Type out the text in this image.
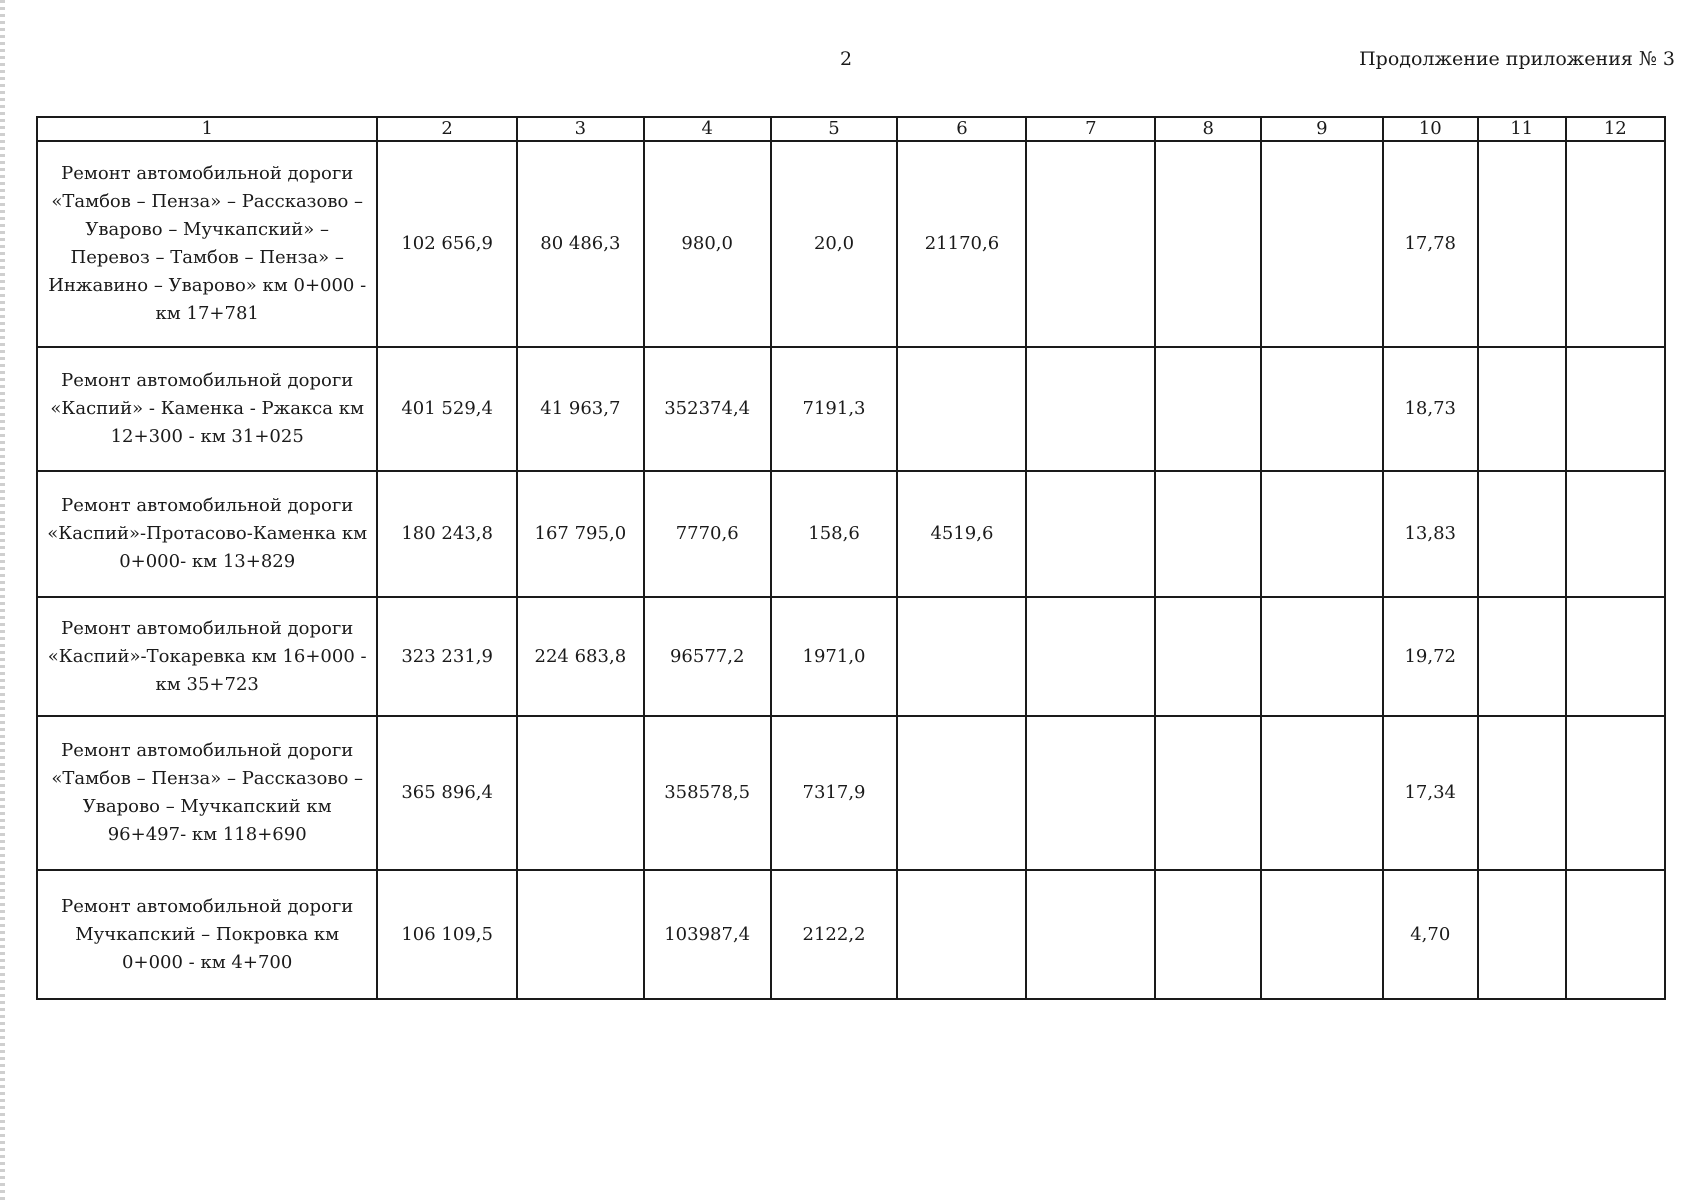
2	Продолжение приложения № 3
1	2	3	4	5	6	7	8	9	10	11	12
Ремонт автомобильной дороги «Тамбов – Пенза» – Рассказово – Уварово – Мучкапский» – Перевоз – Тамбов – Пенза» – Инжавино – Уварово» км 0+000 - км 17+781	102 656,9	80 486,3	980,0	20,0	21170,6				17,78		
Ремонт автомобильной дороги «Каспий» - Каменка - Ржакса км 12+300 - км 31+025	401 529,4	41 963,7	352374,4	7191,3					18,73		
Ремонт автомобильной дороги «Каспий»-Протасово-Каменка км 0+000- км 13+829	180 243,8	167 795,0	7770,6	158,6	4519,6				13,83		
Ремонт автомобильной дороги «Каспий»-Токаревка км 16+000 - км 35+723	323 231,9	224 683,8	96577,2	1971,0					19,72		
Ремонт автомобильной дороги «Тамбов – Пенза» – Рассказово – Уварово – Мучкапский км 96+497- км 118+690	365 896,4		358578,5	7317,9					17,34		
Ремонт автомобильной дороги Мучкапский – Покровка км 0+000 - км 4+700	106 109,5		103987,4	2122,2					4,70		
